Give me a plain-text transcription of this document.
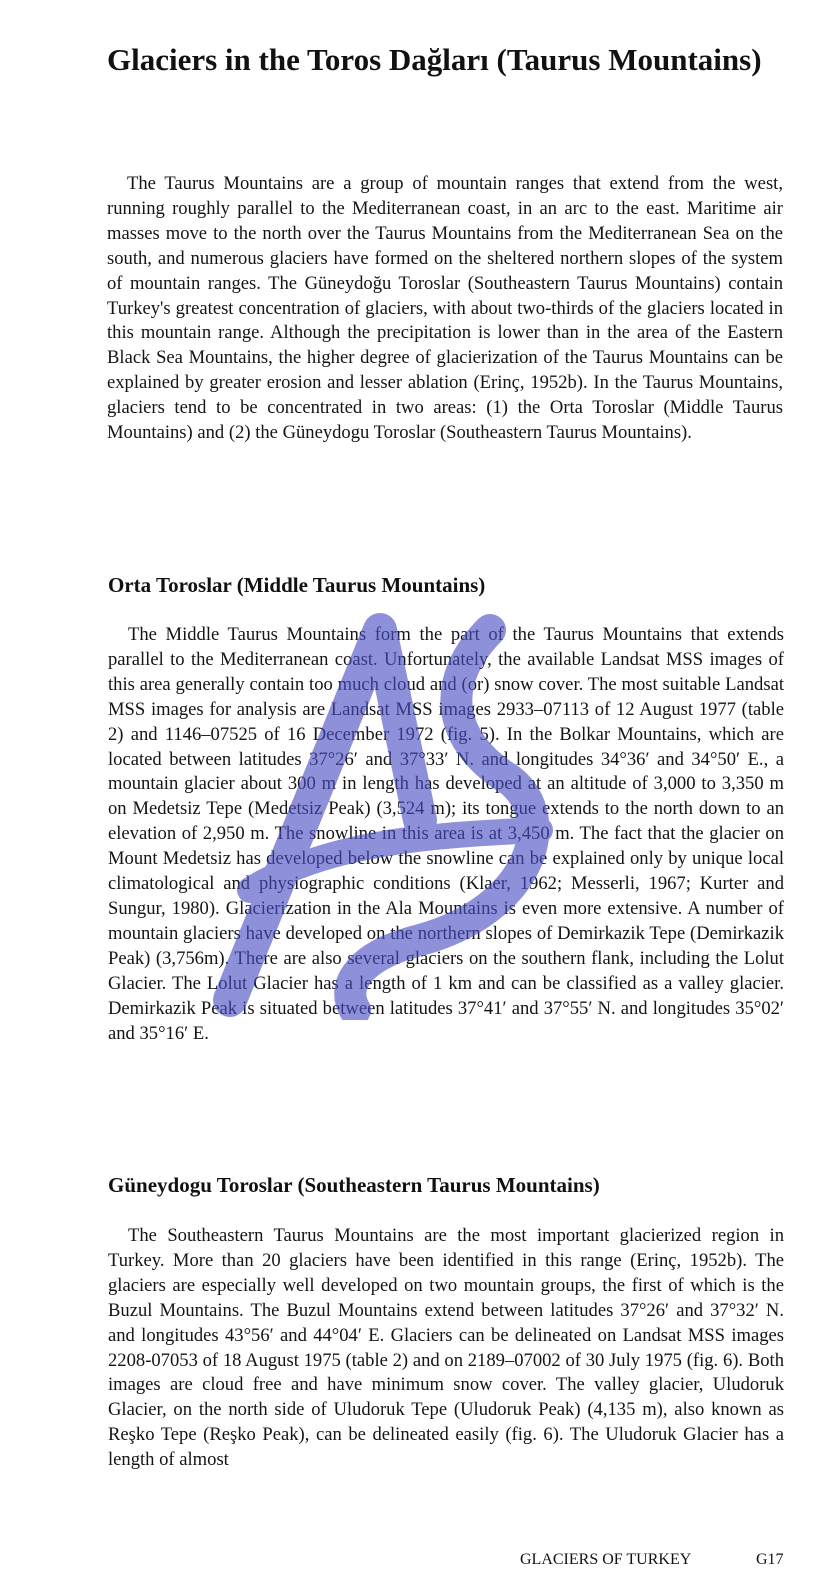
Glaciers in the Toros Dağları (Taurus Mountains)

The Taurus Mountains are a group of mountain ranges that extend from the west, running roughly parallel to the Mediterranean coast, in an arc to the east. Maritime air masses move to the north over the Taurus Mountains from the Mediterranean Sea on the south, and numerous glaciers have formed on the sheltered northern slopes of the system of mountain ranges. The Güneydoğu Toroslar (Southeastern Taurus Mountains) contain Turkey's greatest concentration of glaciers, with about two-thirds of the glaciers located in this mountain range. Although the precipitation is lower than in the area of the Eastern Black Sea Mountains, the higher degree of glacierization of the Taurus Mountains can be explained by greater erosion and lesser ablation (Erinç, 1952b). In the Taurus Mountains, glaciers tend to be concentrated in two areas: (1) the Orta Toroslar (Middle Taurus Mountains) and (2) the Güneydogu Toroslar (Southeastern Taurus Mountains).

Orta Toroslar (Middle Taurus Mountains)

The Middle Taurus Mountains form the part of the Taurus Mountains that extends parallel to the Mediterranean coast. Unfortunately, the available Landsat MSS images of this area generally contain too much cloud and (or) snow cover. The most suitable Landsat MSS images for analysis are Landsat MSS images 2933–07113 of 12 August 1977 (table 2) and 1146–07525 of 16 December 1972 (fig. 5). In the Bolkar Mountains, which are located between latitudes 37°26′ and 37°33′ N. and longitudes 34°36′ and 34°50′ E., a mountain glacier about 300 m in length has developed at an altitude of 3,000 to 3,350 m on Medetsiz Tepe (Medetsiz Peak) (3,524 m); its tongue extends to the north down to an elevation of 2,950 m. The snowline in this area is at 3,450 m. The fact that the glacier on Mount Medetsiz has developed below the snowline can be explained only by unique local climatological and physiographic conditions (Klaer, 1962; Messerli, 1967; Kurter and Sungur, 1980). Glacierization in the Ala Mountains is even more extensive. A number of mountain glaciers have developed on the northern slopes of Demirkazik Tepe (Demirkazik Peak) (3,756m). There are also several glaciers on the southern flank, including the Lolut Glacier. The Lolut Glacier has a length of 1 km and can be classified as a valley glacier. Demirkazik Peak is situated between latitudes 37°41′ and 37°55′ N. and longitudes 35°02′ and 35°16′ E.

Güneydogu Toroslar (Southeastern Taurus Mountains)

The Southeastern Taurus Mountains are the most important glacierized region in Turkey. More than 20 glaciers have been identified in this range (Erinç, 1952b). The glaciers are especially well developed on two mountain groups, the first of which is the Buzul Mountains. The Buzul Mountains extend between latitudes 37°26′ and 37°32′ N. and longitudes 43°56′ and 44°04′ E. Glaciers can be delineated on Landsat MSS images 2208-07053 of 18 August 1975 (table 2) and on 2189–07002 of 30 July 1975 (fig. 6). Both images are cloud free and have minimum snow cover. The valley glacier, Uludoruk Glacier, on the north side of Uludoruk Tepe (Uludoruk Peak) (4,135 m), also known as Reşko Tepe (Reşko Peak), can be delineated easily (fig. 6). The Uludoruk Glacier has a length of almost

GLACIERS OF TURKEY	G17
